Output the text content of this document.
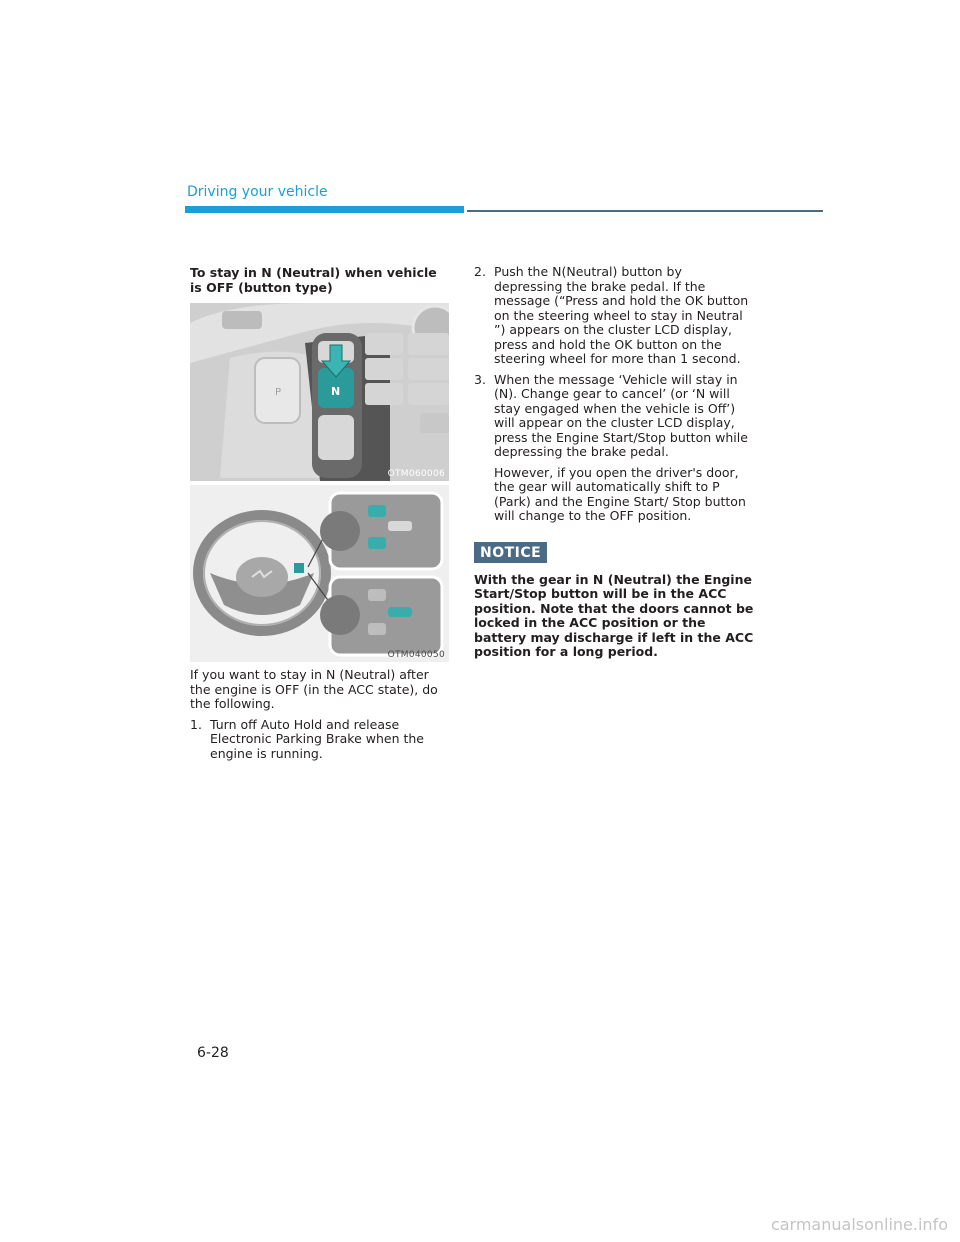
Driving your vehicle
To stay in N (Neutral) when vehicle is OFF (button type)
P	N
OTM060006
OTM040050

If you want to stay in N (Neutral) after the engine is OFF (in the ACC state), do the following.

1. Turn off Auto Hold and release Electronic Parking Brake when the engine is running.
2. Push the N(Neutral) button by depressing the brake pedal. If the message (“Press and hold the OK button on the steering wheel to stay in Neutral ”) appears on the cluster LCD display, press and hold the OK button on the steering wheel for more than 1 second.
3. When the message ‘Vehicle will stay in (N). Change gear to cancel’ (or ‘N will stay engaged when the vehicle is Off’) will appear on the cluster LCD display, press the Engine Start/Stop button while depressing the brake pedal.

However, if you open the driver's door, the gear will automatically shift to P (Park) and the Engine Start/ Stop button will change to the OFF position.

NOTICE
With the gear in N (Neutral) the Engine Start/Stop button will be in the ACC position. Note that the doors cannot be locked in the ACC position or the battery may discharge if left in the ACC position for a long period.
6-28
carmanualsonline.info
